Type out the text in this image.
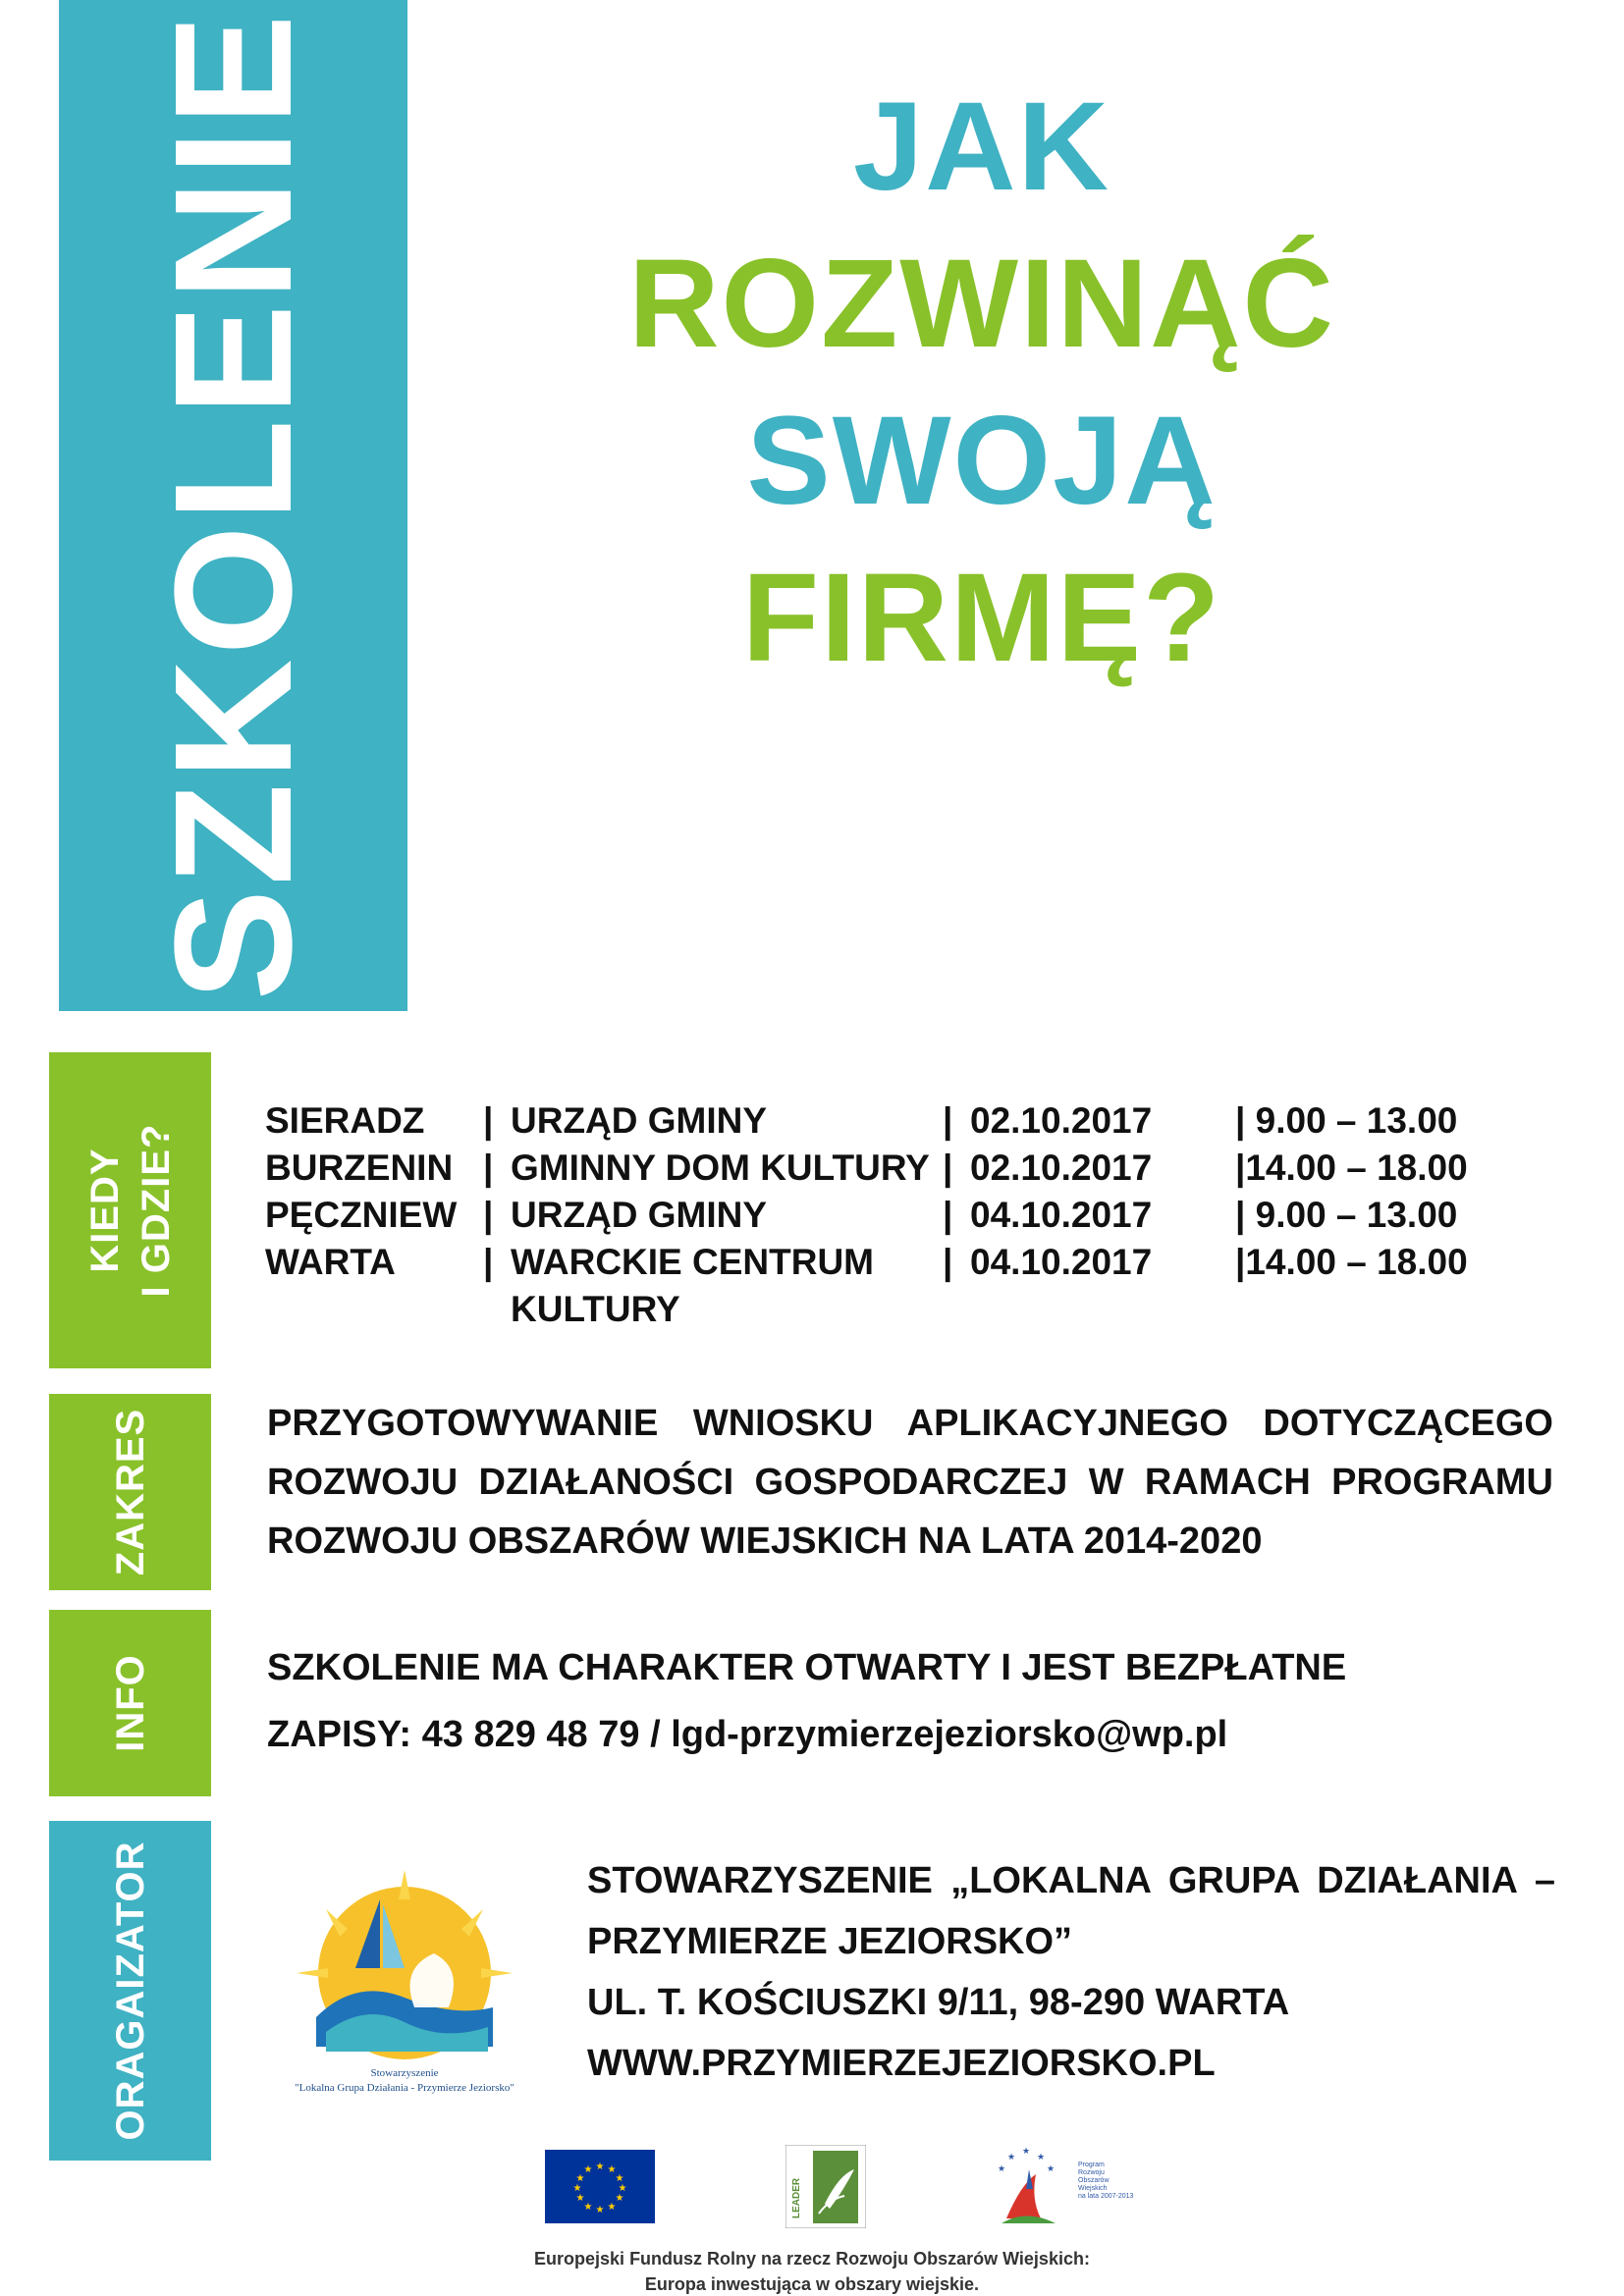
SZKOLENIE	JAK
ROZWINĄĆ
SWOJĄ
FIRMĘ?
KIEDY I GDZIE?
ZAKRES
INFO
ORAGAIZATOR
SIERADZ	|	URZĄD GMINY	|	02.10.2017	| 9.00 – 13.00
BURZENIN	|	GMINNY DOM KULTURY	|	02.10.2017	|14.00 – 18.00
PĘCZNIEW	|	URZĄD GMINY	|	04.10.2017	| 9.00 – 13.00
WARTA	|	WARCKIE CENTRUM	|	04.10.2017	|14.00 – 18.00
		KULTURY			
PRZYGOTOWYWANIE WNIOSKU APLIKACYJNEGO DOTYCZĄCEGO ROZWOJU DZIAŁANOŚCI GOSPODARCZEJ W RAMACH PROGRAMU ROZWOJU OBSZARÓW WIEJSKICH NA LATA 2014-2020
SZKOLENIE MA CHARAKTER OTWARTY I JEST BEZPŁATNE
ZAPISY: 43 829 48 79 / lgd-przymierzejeziorsko@wp.pl
Stowarzyszenie
"Lokalna Grupa Działania - Przymierze Jeziorsko"
STOWARZYSZENIE „LOKALNA GRUPA DZIAŁANIA – PRZYMIERZE JEZIORSKO”
UL. T. KOŚCIUSZKI 9/11, 98-290 WARTA
WWW.PRZYMIERZEJEZIORSKO.PL
★ ★
★
★
★
★
★
★
★
★
★
★
LEADER
★
★ ★
★	★	Program
Rozwoju
Obszarów
Wiejskich
na lata 2007-2013
Europejski Fundusz Rolny na rzecz Rozwoju Obszarów Wiejskich:
Europa inwestująca w obszary wiejskie.
